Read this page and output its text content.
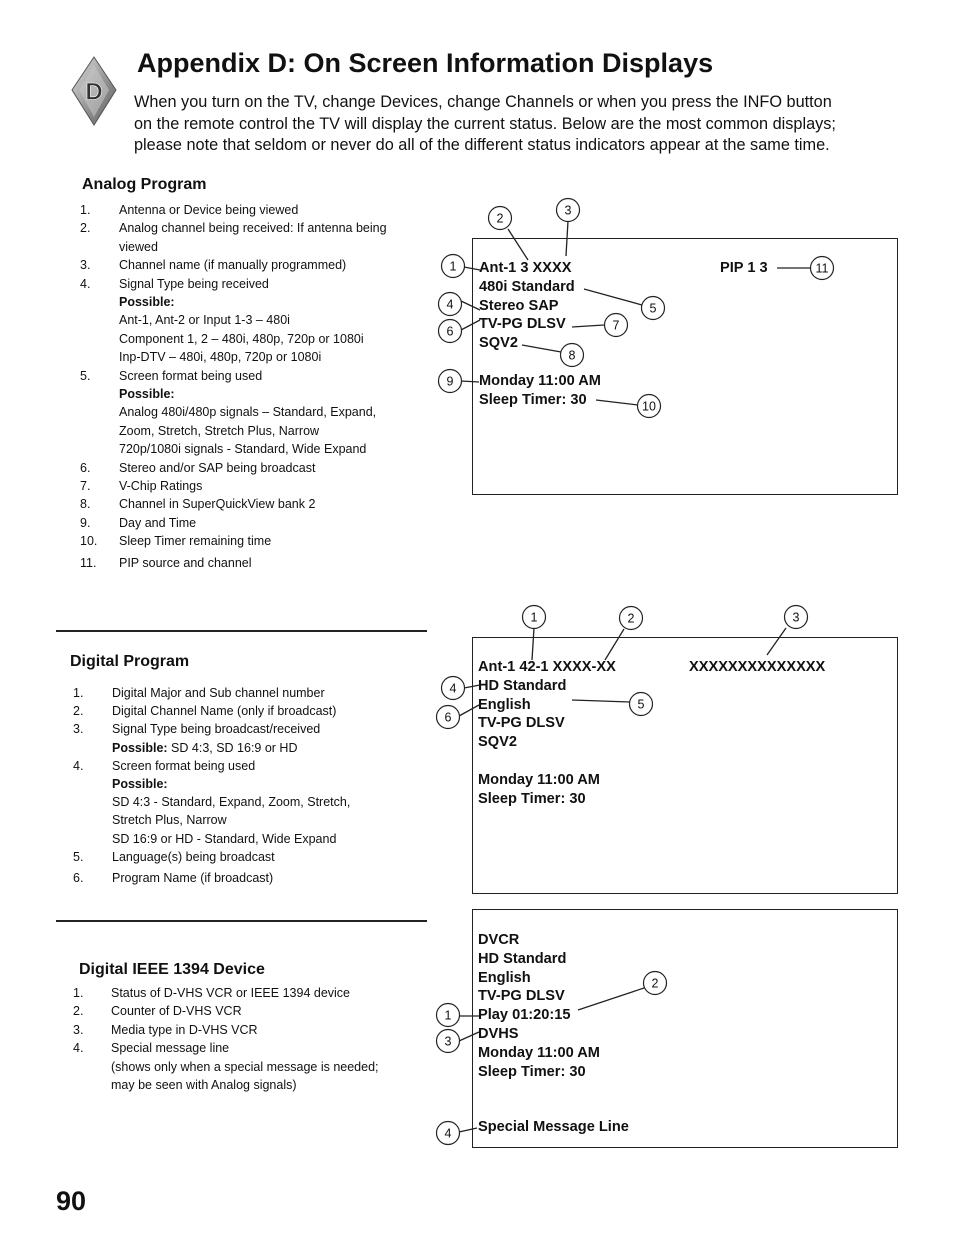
D
Appendix D: On Screen Information Displays
When you turn on the TV, change Devices, change Channels or when you press the INFO button
on the remote control the TV will display the current status. Below are the most common displays;
please note that seldom or never do all of the different status indicators appear at the same time.
Analog Program
1. Antenna or Device being viewed
2. Analog channel being received: If antenna being
viewed
3. Channel name (if manually programmed)
4. Signal Type being received
Possible:
Ant-1, Ant-2 or Input 1-3 – 480i
Component 1, 2 – 480i, 480p, 720p or 1080i
Inp-DTV – 480i, 480p, 720p or 1080i
5. Screen format being used
Possible:
Analog 480i/480p signals – Standard, Expand,
Zoom, Stretch, Stretch Plus, Narrow
720p/1080i signals - Standard, Wide Expand
6. Stereo and/or SAP being broadcast
7. V-Chip Ratings
8. Channel in SuperQuickView bank 2
9. Day and Time
10. Sleep Timer remaining time
11. PIP source and channel
Ant-1 3 XXXX
480i Standard
Stereo SAP
TV-PG DLSV
SQV2
Monday 11:00 AM
Sleep Timer: 30
PIP 1 3
Digital Program
1. Digital Major and Sub channel number
2. Digital Channel Name (only if broadcast)
3. Signal Type being broadcast/received
Possible: SD 4:3, SD 16:9 or HD
4. Screen format being used
Possible:
SD 4:3 - Standard, Expand, Zoom, Stretch,
Stretch Plus, Narrow
SD 16:9 or HD - Standard, Wide Expand
5. Language(s) being broadcast
6. Program Name (if broadcast)
Ant-1 42-1 XXXX-XX
HD Standard
English
TV-PG DLSV
SQV2
Monday 11:00 AM
Sleep Timer: 30
XXXXXXXXXXXXXX
Digital IEEE 1394 Device
1. Status of D-VHS VCR or IEEE 1394 device
2. Counter of D-VHS VCR
3. Media type in D-VHS VCR
4. Special message line
(shows only when a special message is needed;
may be seen with Analog signals)
DVCR
HD Standard
English
TV-PG DLSV
Play 01:20:15
DVHS
Monday 11:00 AM
Sleep Timer: 30
Special Message Line
1
2
3
4	5
6	7
8
9
10
11
1	2	3
4
5
6
1
2
3
4
90
